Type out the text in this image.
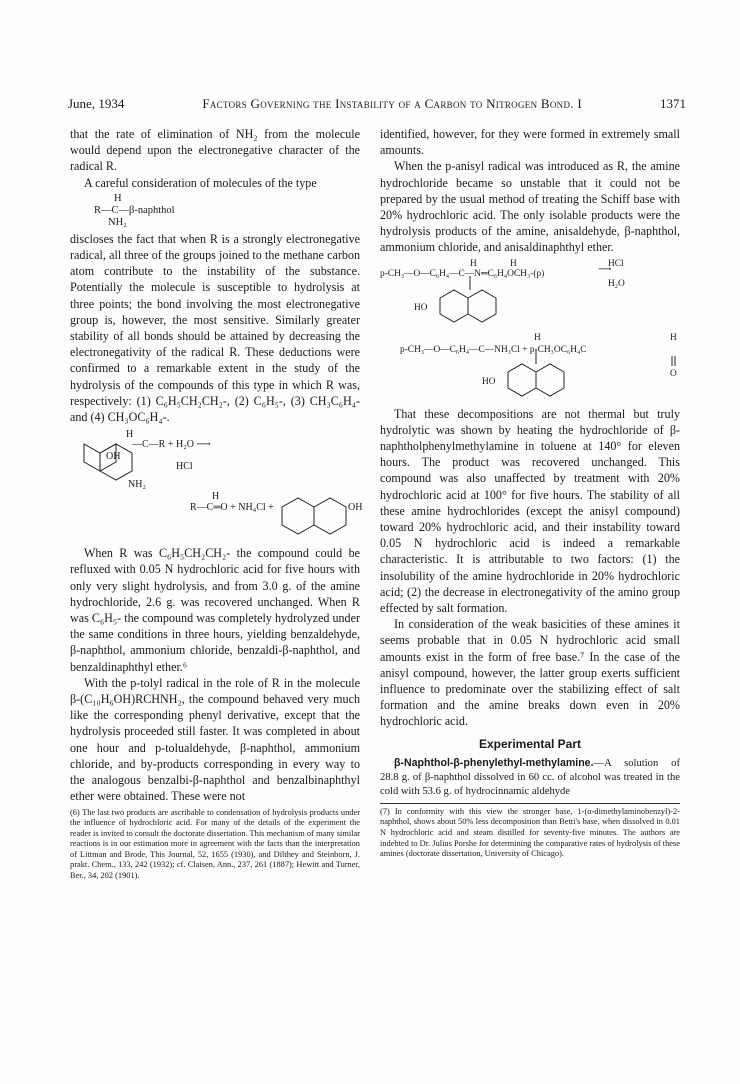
June, 1934	Factors Governing the Instability of a Carbon to Nitrogen Bond. I	1371

that the rate of elimination of NH₂ from the molecule would depend upon the electronegative character of the radical R.

A careful consideration of molecules of the type

H
R—C—β-naphthol
NH₂

discloses the fact that when R is a strongly electronegative radical, all three of the groups joined to the methane carbon atom contribute to the instability of the substance. Potentially the molecule is susceptible to hydrolysis at three points; the bond involving the most electronegative group is, however, the most sensitive. Similarly greater stability of all bonds should be attained by decreasing the electronegativity of the radical R. These deductions were confirmed to a remarkable extent in the study of the hydrolysis of the compounds of this type in which R was, respectively: (1) C₆H₅CH₂CH₂-, (2) C₆H₅-, (3) CH₃C₆H₄- and (4) CH₃OC₆H₄-.

H
—C—R + H₂O ⟶
OH
HCl
NH₂
H
R—C═O + NH₄Cl +	OH

When R was C₆H₅CH₂CH₂- the compound could be refluxed with 0.05 N hydrochloric acid for five hours with only very slight hydrolysis, and from 3.0 g. of the amine hydrochloride, 2.6 g. was recovered unchanged. When R was C₆H₅- the compound was completely hydrolyzed under the same conditions in three hours, yielding benzaldehyde, β-naphthol, ammonium chloride, benzaldi-β-naphthol, and benzaldinaphthyl ether.⁶

With the p-tolyl radical in the role of R in the molecule β-(C₁₀H₆OH)RCHNH₂, the compound behaved very much like the corresponding phenyl derivative, except that the hydrolysis proceeded still faster. It was completed in about one hour and p-tolualdehyde, β-naphthol, ammonium chloride, and by-products corresponding in every way to the analogous benzalbi-β-naphthol and benzalbinaphthyl ether were obtained. These were not

(6) The last two products are ascribable to condensation of hydrolysis products under the influence of hydrochloric acid. For many of the details of the experiment the reader is invited to consult the doctorate dissertation. This mechanism of many similar reactions is in our estimation more in agreement with the facts than the interpretation of Littman and Brode, This Journal, 52, 1655 (1930), and Dilthey and Steinborn, J. prakt. Chem., 133, 242 (1932); cf. Claisen, Ann., 237, 261 (1887); Hewitt and Turner, Ber., 34, 202 (1901).

identified, however, for they were formed in extremely small amounts.

When the p-anisyl radical was introduced as R, the amine hydrochloride became so unstable that it could not be prepared by the usual method of treating the Schiff base with 20% hydrochloric acid. The only isolable products were the hydrolysis products of the amine, anisaldehyde, β-naphthol, ammonium chloride, and anisaldinaphthyl ether.

H	H	HCl
p-CH₃—O—C₆H₄—C—N═C₆H₄OCH₃-(p)	⟶
H₂O
HO
H	H
p-CH₃—O—C₆H₄—C—NH₃Cl + p-CH₃OC₆H₄C
O
HO

That these decompositions are not thermal but truly hydrolytic was shown by heating the hydrochloride of β-naphtholphenylmethylamine in toluene at 140° for eleven hours. The product was recovered unchanged. This compound was also unaffected by treatment with 20% hydrochloric acid at 100° for five hours. The stability of all these amine hydrochlorides (except the anisyl compound) toward 20% hydrochloric acid, and their instability toward 0.05 N hydrochloric acid is indeed a remarkable characteristic. It is attributable to two factors: (1) the insolubility of the amine hydrochloride in 20% hydrochloric acid; (2) the decrease in electronegativity of the amino group effected by salt formation.

In consideration of the weak basicities of these amines it seems probable that in 0.05 N hydrochloric acid small amounts exist in the form of free base.⁷ In the case of the anisyl compound, however, the latter group exerts sufficient influence to predominate over the stabilizing effect of salt formation and the amine breaks down even in 20% hydrochloric acid.

Experimental Part

β-Naphthol-β-phenylethyl-methylamine.—A solution of 28.8 g. of β-naphthol dissolved in 60 cc. of alcohol was treated in the cold with 53.6 g. of hydrocinnamic aldehyde

(7) In conformity with this view the stronger base, 1-(α-dimethylaminobenzyl)-2-naphthol, shows about 50% less decomposition than Betti's base, when dissolved in 0.01 N hydrochloric acid and steam distilled for seventy-five minutes. The authors are indebted to Dr. Julius Porshe for determining the comparative rates of hydrolysis of these amines (doctorate dissertation, University of Chicago).
